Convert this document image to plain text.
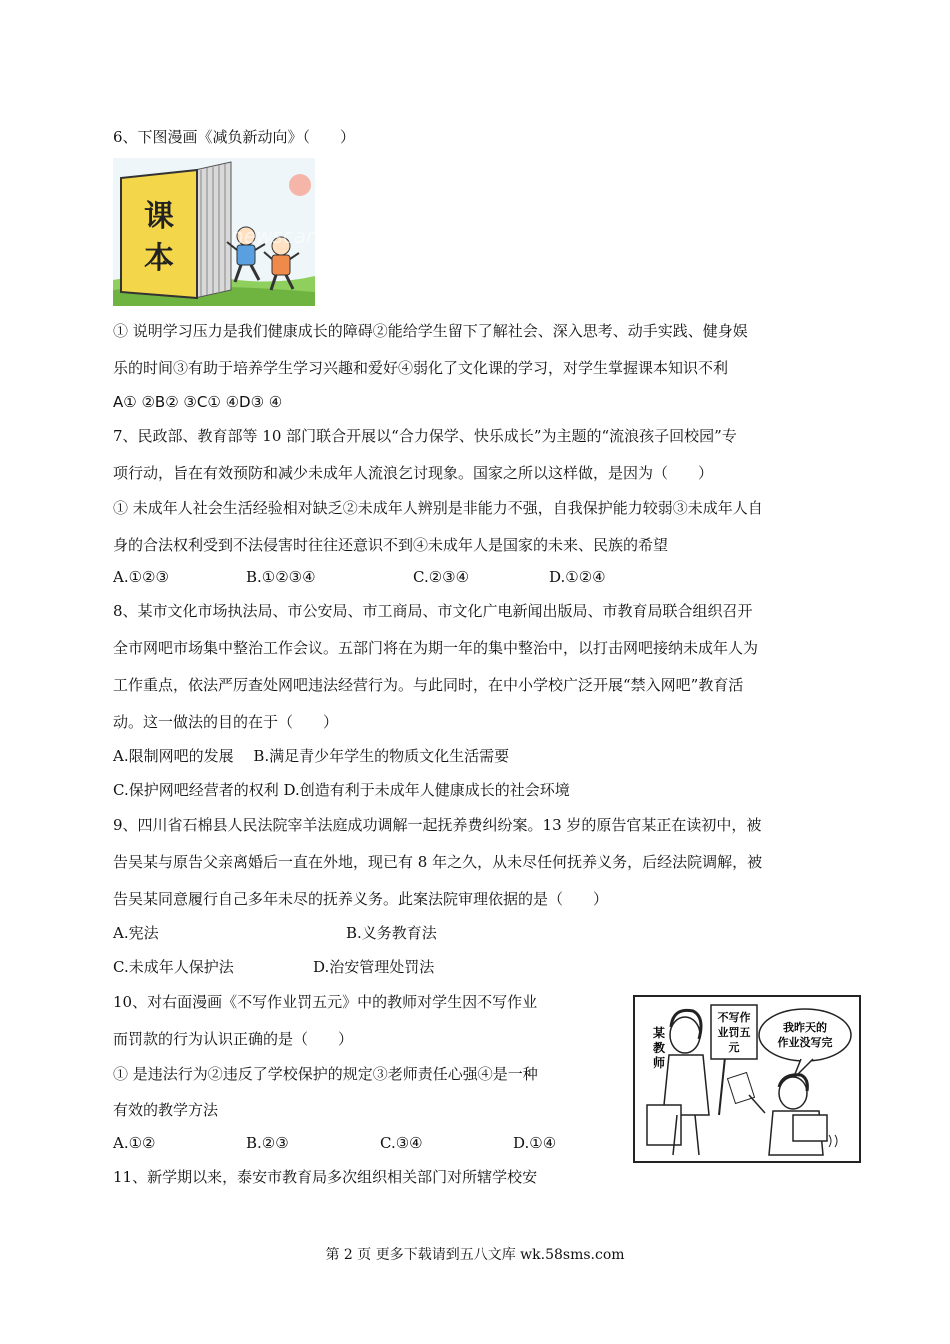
6、下图漫画《减负新动向》（　　）
课
本
newscartoon
① 说明学习压力是我们健康成长的障碍②能给学生留下了解社会、深入思考、动手实践、健身娱
乐的时间③有助于培养学生学习兴趣和爱好④弱化了文化课的学习，对学生掌握课本知识不利
A① ②B② ③C① ④D③ ④
7、民政部、教育部等 10 部门联合开展以“合力保学、快乐成长”为主题的“流浪孩子回校园”专
项行动，旨在有效预防和减少未成年人流浪乞讨现象。国家之所以这样做，是因为（　　）
① 未成年人社会生活经验相对缺乏②未成年人辨别是非能力不强，自我保护能力较弱③未成年人自
身的合法权利受到不法侵害时往往还意识不到④未成年人是国家的未来、民族的希望
A.①②③	B.①②③④	C.②③④	D.①②④
8、某市文化市场执法局、市公安局、市工商局、市文化广电新闻出版局、市教育局联合组织召开
全市网吧市场集中整治工作会议。五部门将在为期一年的集中整治中，以打击网吧接纳未成年人为
工作重点，依法严厉查处网吧违法经营行为。与此同时，在中小学校广泛开展“禁入网吧”教育活
动。这一做法的目的在于（　　）
A.限制网吧的发展　 B.满足青少年学生的物质文化生活需要
C.保护网吧经营者的权利 D.创造有利于未成年人健康成长的社会环境
9、四川省石棉县人民法院宰羊法庭成功调解一起抚养费纠纷案。13 岁的原告官某正在读初中，被
告吴某与原告父亲离婚后一直在外地，现已有 8 年之久，从未尽任何抚养义务，后经法院调解，被
告吴某同意履行自己多年未尽的抚养义务。此案法院审理依据的是（　　）
A.宪法	B.义务教育法
C.未成年人保护法	D.治安管理处罚法
10、对右面漫画《不写作业罚五元》中的教师对学生因不写作业
而罚款的行为认识正确的是（　　）
① 是违法行为②违反了学校保护的规定③老师责任心强④是一种
有效的教学方法
A.①②	B.②③	C.③④	D.①④
某
教
师
不写作
业罚五
元
我昨天的
作业没写完
11、新学期以来，泰安市教育局多次组织相关部门对所辖学校安
第 2 页 更多下载请到五八文库 wk.58sms.com
